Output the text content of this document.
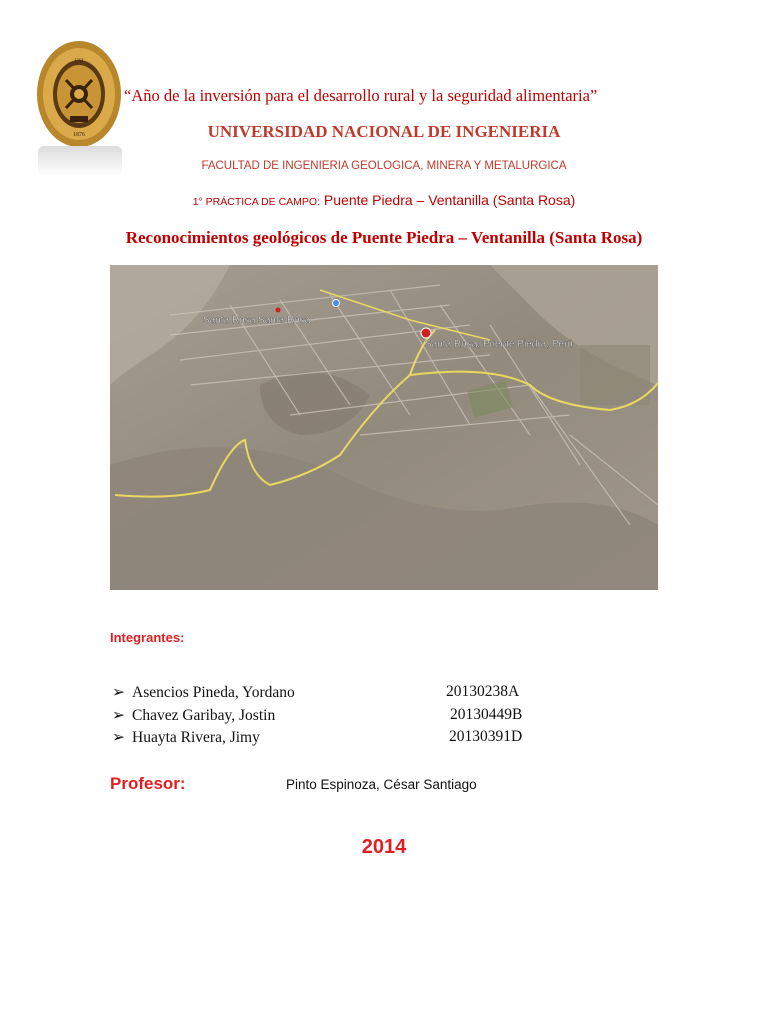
1876
UNI
“Año de la inversión para el desarrollo rural y la seguridad alimentaria”
UNIVERSIDAD NACIONAL DE INGENIERIA
FACULTAD DE INGENIERIA GEOLOGICA, MINERA Y METALURGICA
1° PRÁCTICA DE CAMPO: Puente Piedra – Ventanilla (Santa Rosa)
Reconocimientos geológicos de Puente Piedra – Ventanilla (Santa Rosa)
Santa Rosa, Puente Piedra, Perú
Santa Rosa Santa Rosa
Integrantes:
➢ Asencios Pineda, Yordano	20130238A
➢ Chavez Garibay, Jostin	20130449B
➢ Huayta Rivera, Jimy	20130391D
Profesor:	Pinto Espinoza, César Santiago
2014
